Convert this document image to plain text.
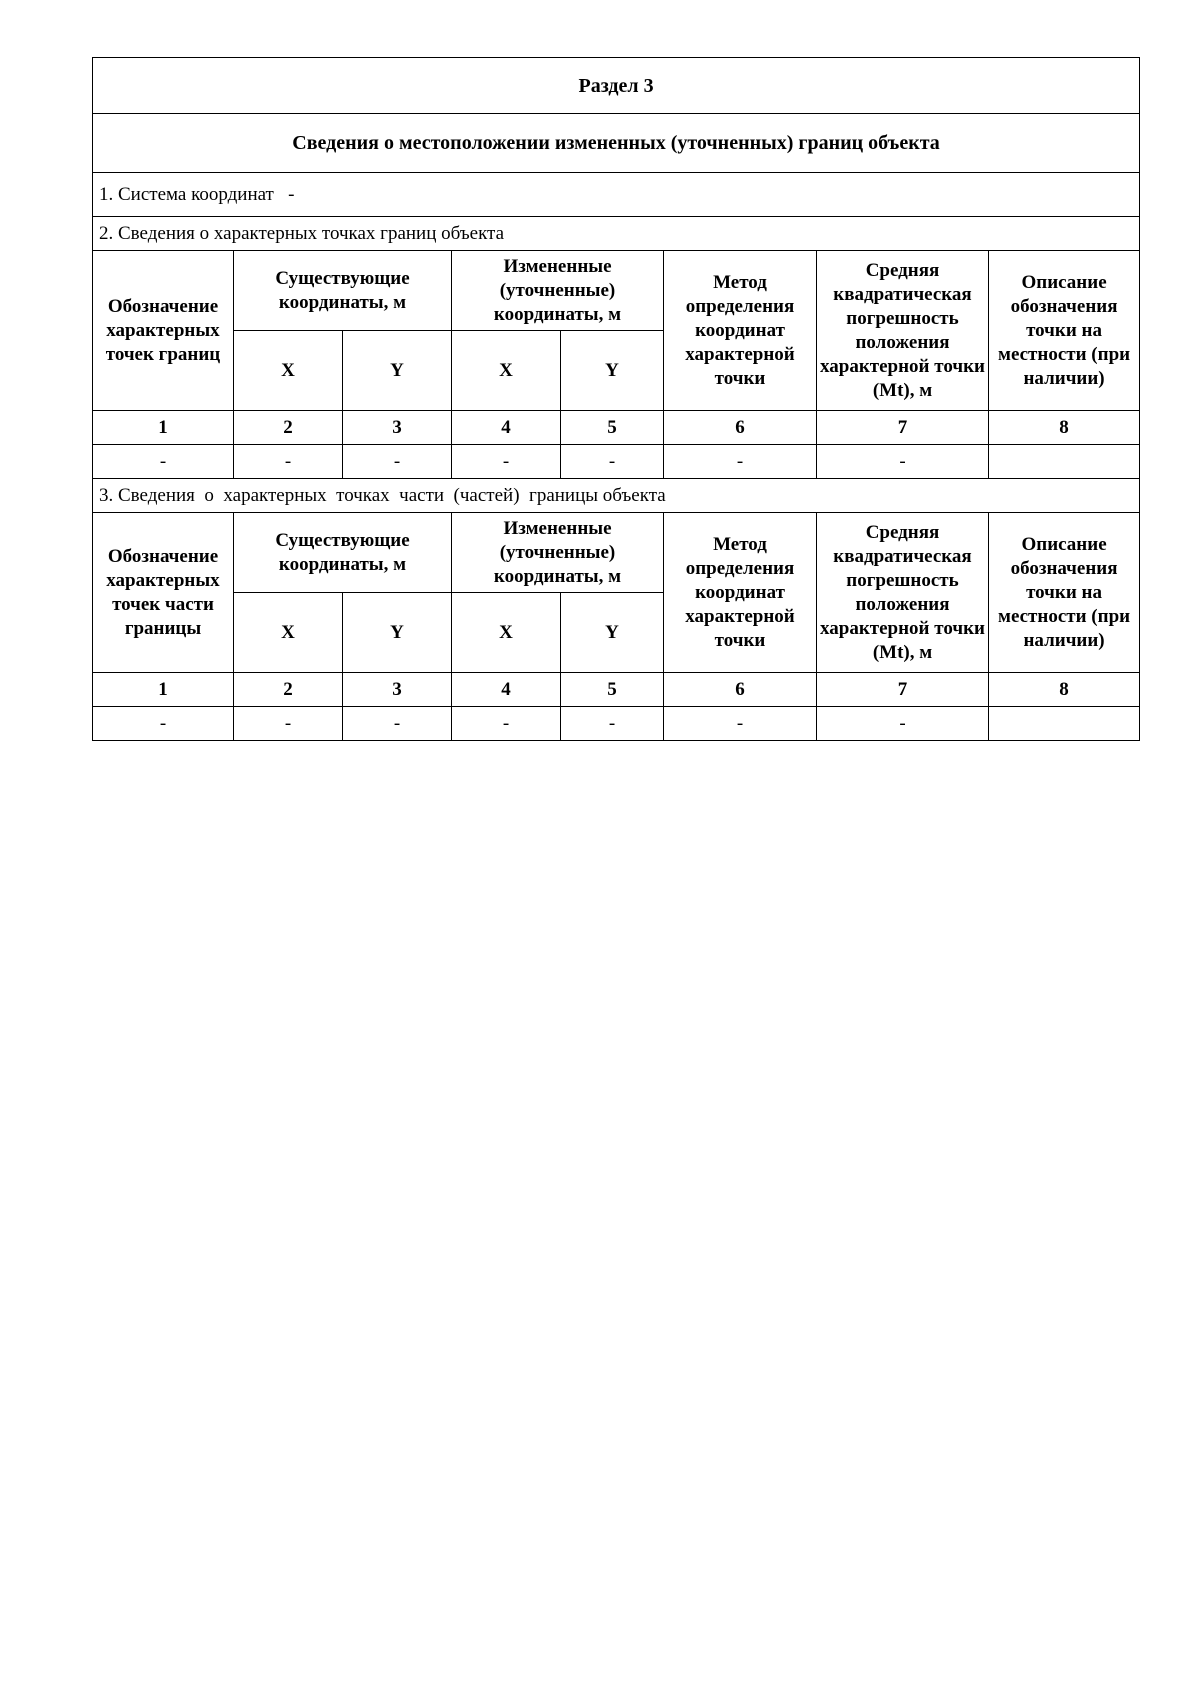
Раздел 3							
Сведения о местоположении измененных (уточненных) границ объекта							
1. Система координат -							
2. Сведения о характерных точках границ объекта							
Обозначение характерных точек границ	Существующие координаты, м		Измененные (уточненные) координаты, м		Метод определения координат характерной точки	Средняя квадратическая погрешность положения характерной точки (Mt), м	Описание обозначения точки на местности (при наличии)
	X	Y	X	Y			
1	2	3	4	5	6	7	8
-	-	-	-	-	-	-	
3. Сведения  о  характерных  точках  части  (частей)  границы объекта							
Обозначение характерных точек части границы	Существующие координаты, м		Измененные (уточненные) координаты, м		Метод определения координат характерной точки	Средняя квадратическая погрешность положения характерной точки (Mt), м	Описание обозначения точки на местности (при наличии)
	X	Y	X	Y			
1	2	3	4	5	6	7	8
-	-	-	-	-	-	-	
